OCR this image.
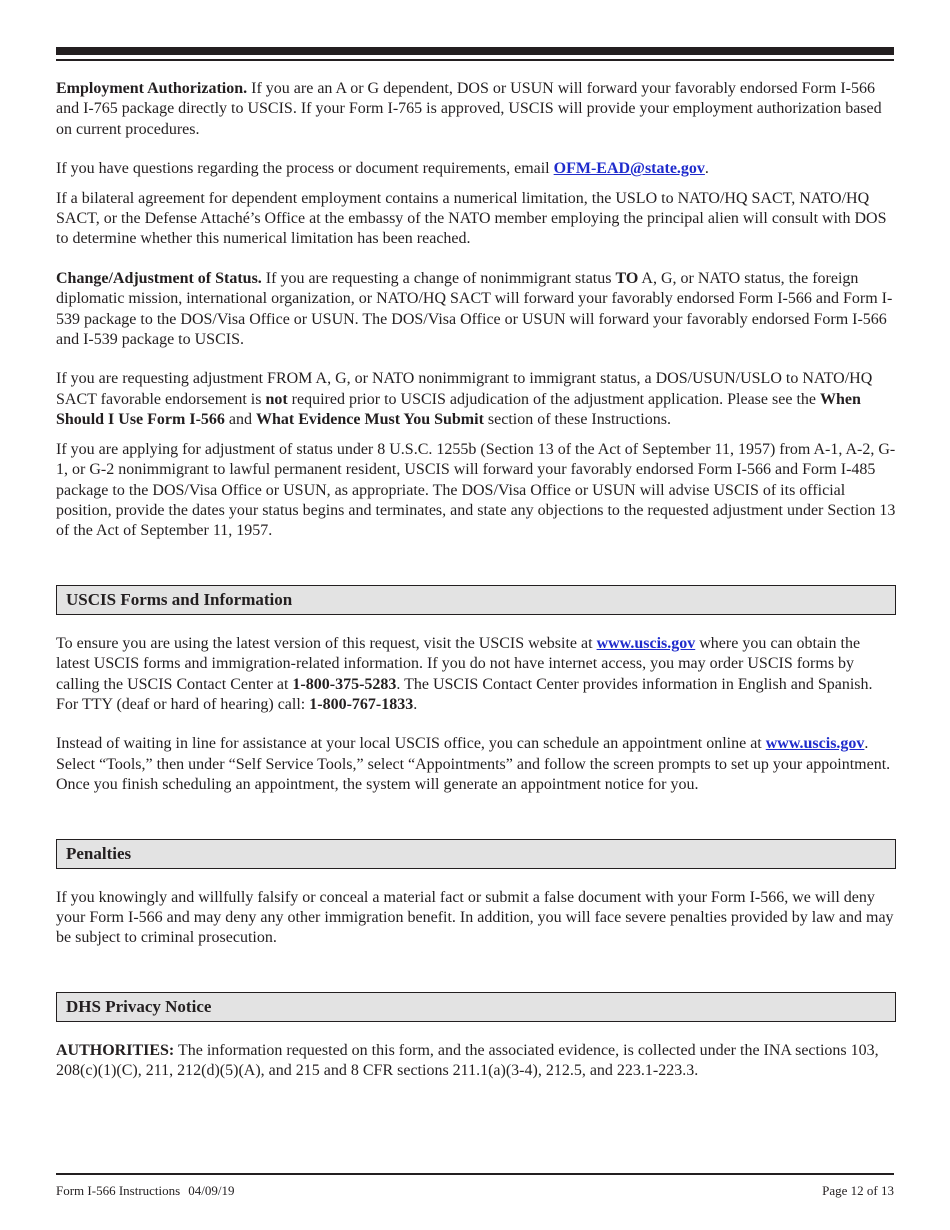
Employment Authorization. If you are an A or G dependent, DOS or USUN will forward your favorably endorsed Form I-566 and I-765 package directly to USCIS. If your Form I-765 is approved, USCIS will provide your employment authorization based on current procedures.

If you have questions regarding the process or document requirements, email OFM-EAD@state.gov.

If a bilateral agreement for dependent employment contains a numerical limitation, the USLO to NATO/HQ SACT, NATO/HQ SACT, or the Defense Attaché’s Office at the embassy of the NATO member employing the principal alien will consult with DOS to determine whether this numerical limitation has been reached.

Change/Adjustment of Status. If you are requesting a change of nonimmigrant status TO A, G, or NATO status, the foreign diplomatic mission, international organization, or NATO/HQ SACT will forward your favorably endorsed Form I-566 and Form I-539 package to the DOS/Visa Office or USUN. The DOS/Visa Office or USUN will forward your favorably endorsed Form I-566 and I-539 package to USCIS.

If you are requesting adjustment FROM A, G, or NATO nonimmigrant to immigrant status, a DOS/USUN/USLO to NATO/HQ SACT favorable endorsement is not required prior to USCIS adjudication of the adjustment application. Please see the When Should I Use Form I-566 and What Evidence Must You Submit section of these Instructions.

If you are applying for adjustment of status under 8 U.S.C. 1255b (Section 13 of the Act of September 11, 1957) from A-1, A-2, G-1, or G-2 nonimmigrant to lawful permanent resident, USCIS will forward your favorably endorsed Form I-566 and Form I-485 package to the DOS/Visa Office or USUN, as appropriate. The DOS/Visa Office or USUN will advise USCIS of its official position, provide the dates your status begins and terminates, and state any objections to the requested adjustment under Section 13 of the Act of September 11, 1957.

USCIS Forms and Information

To ensure you are using the latest version of this request, visit the USCIS website at www.uscis.gov where you can obtain the latest USCIS forms and immigration-related information. If you do not have internet access, you may order USCIS forms by calling the USCIS Contact Center at 1-800-375-5283. The USCIS Contact Center provides information in English and Spanish. For TTY (deaf or hard of hearing) call: 1-800-767-1833.

Instead of waiting in line for assistance at your local USCIS office, you can schedule an appointment online at www.uscis.gov. Select “Tools,” then under “Self Service Tools,” select “Appointments” and follow the screen prompts to set up your appointment. Once you finish scheduling an appointment, the system will generate an appointment notice for you.

Penalties

If you knowingly and willfully falsify or conceal a material fact or submit a false document with your Form I-566, we will deny your Form I-566 and may deny any other immigration benefit. In addition, you will face severe penalties provided by law and may be subject to criminal prosecution.

DHS Privacy Notice

AUTHORITIES: The information requested on this form, and the associated evidence, is collected under the INA sections 103, 208(c)(1)(C), 211, 212(d)(5)(A), and 215 and 8 CFR sections 211.1(a)(3-4), 212.5, and 223.1-223.3.

Form I-566 Instructions 04/09/19	Page 12 of 13
